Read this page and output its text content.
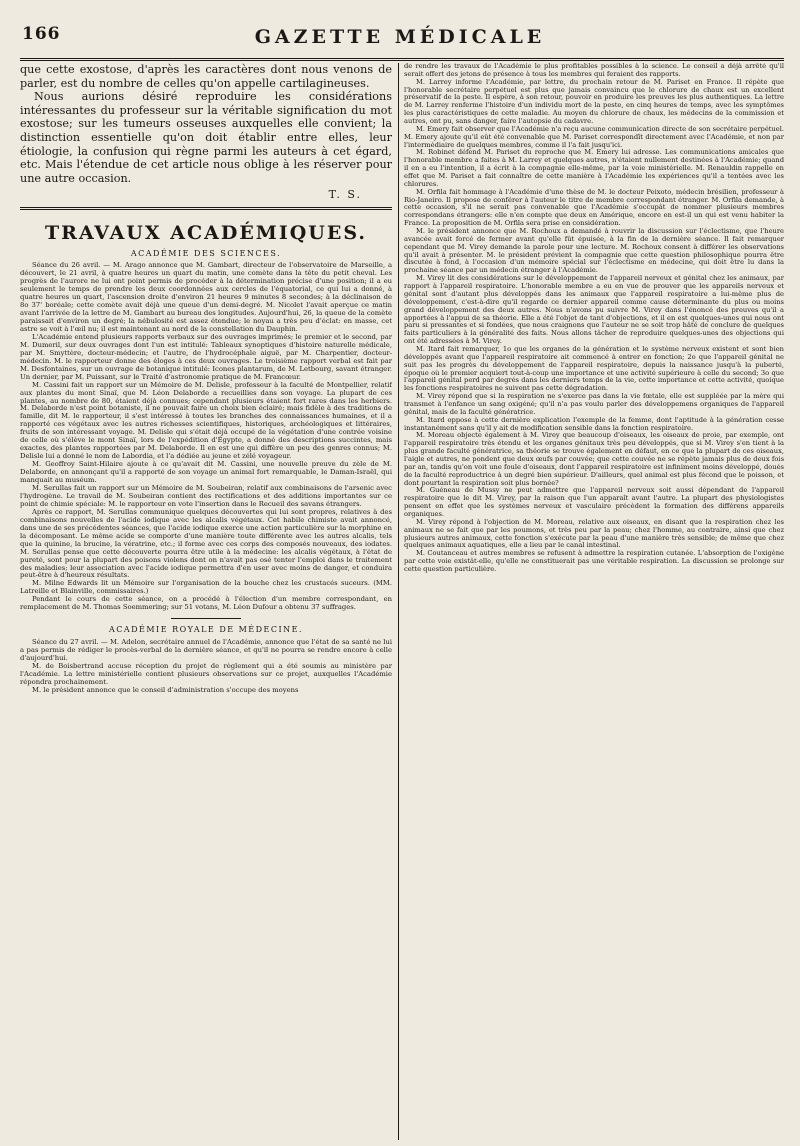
166	GAZETTE MÉDICALE

que cette exostose, d'après les caractères dont nous venons de parler, est du nombre de celles qu'on appelle cartilagineuses.

Nous aurions désiré reproduire les considérations intéressantes du professeur sur la véritable signification du mot exostose; sur les tumeurs osseuses auxquelles elle convient; la distinction essentielle qu'on doit établir entre elles, leur étiologie, la confusion qui règne parmi les auteurs à cet égard, etc. Mais l'étendue de cet article nous oblige à les réserver pour une autre occasion.

T. S.
TRAVAUX ACADÉMIQUES.
ACADÉMIE DES SCIENCES.

Séance du 26 avril. — M. Arago annonce que M. Gambart, directeur de l'observatoire de Marseille, a découvert, le 21 avril, à quatre heures un quart du matin, une comète dans la tête du petit cheval. Les progrès de l'aurore ne lui ont point permis de procéder à la détermination précise d'une position; il a eu seulement le temps de prendre les deux coordonnées aux cercles de l'équatorial, ce qui lui a donné, à quatre heures un quart, l'ascension droite d'environ 21 heures 9 minutes 8 secondes; à la déclinaison de 8o 37' boréale; cette comète avait déjà une queue d'un demi-degré. M. Nicolet l'avait aperçue ce matin avant l'arrivée de la lettre de M. Gambart au bureau des longitudes. Aujourd'hui, 26, la queue de la comète paraissait d'environ un degré; la nébulosité est assez étendue; le noyau a très peu d'éclat: en masse, cet astre se voit à l'œil nu; il est maintenant au nord de la constellation du Dauphin.

L'Académie entend plusieurs rapports verbaux sur des ouvrages imprimés; le premier et le second, par M. Dumeril, sur deux ouvrages dont l'un est intitulé: Tableaux synoptiques d'histoire naturelle médicale, par M. Smyttère, docteur-médecin; et l'autre, de l'hydrocéphale aiguë, par M. Charpentier, docteur-médecin. M. le rapporteur donne des éloges à ces deux ouvrages. Le troisième rapport verbal est fait par M. Desfontaines, sur un ouvrage de botanique intitulé: Icones plantarum, de M. Letbourg, savant étranger. Un dernier, par M. Puissant, sur le Traité d'astronomie pratique de M. Francœur.

M. Cassini fait un rapport sur un Mémoire de M. Delisle, professeur à la faculté de Montpellier, relatif aux plantes du mont Sinaï, que M. Léon Delaborde a recueillies dans son voyage. La plupart de ces plantes, au nombre de 80, étaient déjà connues; cependant plusieurs étaient fort rares dans les herbiers. M. Delaborde n'est point botaniste, il ne pouvait faire un choix bien éclairé; mais fidèle à des traditions de famille, dit M. le rapporteur, il s'est intéressé à toutes les branches des connaissances humaines, et il a rapporté ces végétaux avec les autres richesses scientifiques, historiques, archéologiques et littéraires, fruits de son intéressant voyage. M. Delisle qui s'était déjà occupé de la végétation d'une contrée voisine de celle où s'élève le mont Sinaï, lors de l'expédition d'Égypte, a donné des descriptions succintes, mais exactes, des plantes rapportées par M. Delaborde. Il en est une qui diffère un peu des genres connus; M. Delisle lui a donné le nom de Labordia, et l'a dédiée au jeune et zélé voyageur.

M. Geoffroy Saint-Hilaire ajoute à ce qu'avait dit M. Cassini, une nouvelle preuve du zèle de M. Delaborde, en annonçant qu'il a rapporté de son voyage un animal fort remarquable, le Daman-Israël, qui manquait au muséum.

M. Serullas fait un rapport sur un Mémoire de M. Soubeiran, relatif aux combinaisons de l'arsenic avec l'hydrogène. Le travail de M. Soubeiran contient des rectifications et des additions importantes sur ce point de chimie spéciale: M. le rapporteur en vote l'insertion dans le Recueil des savans étrangers.

Après ce rapport, M. Serullas communique quelques découvertes qui lui sont propres, relatives à des combinaisons nouvelles de l'acide iodique avec les alcalis végétaux. Cet habile chimiste avait annoncé, dans une de ses précédentes séances, que l'acide iodique exerce une action particulière sur la morphine en la décomposant. Le même acide se comporte d'une manière toute différente avec les autres alcalis, tels que la quinine, la brucine, la vératrine, etc.; il forme avec ces corps des composés nouveaux, des iodates. M. Serullas pense que cette découverte pourra être utile à la médecine: les alcalis végétaux, à l'état de pureté, sont pour la plupart des poisons violens dont on n'avait pas osé tenter l'emploi dans le traitement des maladies; leur association avec l'acide iodique permettra d'en user avec moins de danger, et conduira peut-être à d'heureux résultats.

M. Milne Edwards lit un Mémoire sur l'organisation de la bouche chez les crustacés suceurs. (MM. Latreille et Blainville, commissaires.)

Pendant le cours de cette séance, on a procédé à l'élection d'un membre correspondant, en remplacement de M. Thomas Soemmering; sur 51 votans, M. Léon Dufour a obtenu 37 suffrages.

ACADÉMIE ROYALE DE MÉDECINE.

Séance du 27 avril. — M. Adelon, secrétaire annuel de l'Académie, annonce que l'état de sa santé ne lui a pas permis de rédiger le procès-verbal de la dernière séance, et qu'il ne pourra se rendre encore à celle d'aujourd'hui.

M. de Boisbertrand accuse réception du projet de règlement qui a été soumis au ministère par l'Académie. La lettre ministérielle contient plusieurs observations sur ce projet, auxquelles l'Académie répondra prochainement.

M. le président annonce que le conseil d'administration s'occupe des moyens

de rendre les travaux de l'Académie le plus profitables possibles à la science. Le conseil a déjà arrêté qu'il serait offert des jetons de présence à tous les membres qui feraient des rapports.

M. Larrey informe l'Académie, par lettre, du prochain retour de M. Pariset en France. Il répète que l'honorable secrétaire perpétuel est plus que jamais convaincu que le chlorure de chaux est un excellent préservatif de la peste. Il espère, à son retour, pouvoir en produire les preuves les plus authentiques. La lettre de M. Larrey renferme l'histoire d'un individu mort de la peste, en cinq heures de temps, avec les symptômes les plus caractéristiques de cette maladie. Au moyen du chlorure de chaux, les médecins de la commission et autres, ont pu, sans danger, faire l'autopsie du cadavre.

M. Emery fait observer que l'Académie n'a reçu aucune communication directe de son secrétaire perpétuel. M. Emery ajoute qu'il eût été convenable que M. Pariset correspondît directement avec l'Académie, et non par l'intermédiaire de quelques membres, comme il l'a fait jusqu'ici.

M. Robinet défend M. Pariset du reproche que M. Emery lui adresse. Les communications amicales que l'honorable membre a faites à M. Larrey et quelques autres, n'étaient nullement destinées à l'Académie; quand il en a eu l'intention, il a écrit à la compagnie elle-même, par la voie ministérielle. M. Renauldin rappelle en effet que M. Pariset a fait connaître de cette manière à l'Académie les expériences qu'il a tentées avec les chlorures.

M. Orfila fait hommage à l'Académie d'une thèse de M. le docteur Peixoto, médecin brésilien, professeur à Rio-Janeiro. Il propose de conférer à l'auteur le titre de membre correspondant étranger. M. Orfila demande, à cette occasion, s'il ne serait pas convenable que l'Académie s'occupât de nommer plusieurs membres correspondans étrangers: elle n'en compte que deux en Amérique, encore en est-il un qui est venu habiter la France. La proposition de M. Orfila sera prise en considération.

M. le président annonce que M. Rochoux a demandé à rouvrir la discussion sur l'éclectisme, que l'heure avancée avait forcé de fermer avant qu'elle fût épuisée, à la fin de la dernière séance. Il fait remarquer cependant que M. Virey demande la parole pour une lecture. M. Rochoux consent à différer les observations qu'il avait à présenter. M. le président prévient la compagnie que cette question philosophique pourra être discutée à fond, à l'occasion d'un mémoire spécial sur l'éclectisme en médecine, qui doit être lu dans la prochaine séance par un médecin étranger à l'Académie.

M. Virey lit des considérations sur le développement de l'appareil nerveux et génital chez les animaux, par rapport à l'appareil respiratoire. L'honorable membre a eu en vue de prouver que les appareils nerveux et génital sont d'autant plus développés dans les animaux que l'appareil respiratoire a lui-même plus de développement, c'est-à-dire qu'il regarde ce dernier appareil comme cause déterminante du plus ou moins grand développement des deux autres. Nous n'avons pu suivre M. Virey dans l'énoncé des preuves qu'il a apportées à l'appui de sa théorie. Elle a été l'objet de tant d'objections, et il en est quelques-unes qui nous ont paru si pressantes et si fondées, que nous craignons que l'auteur ne se soit trop hâté de conclure de quelques faits particuliers à la généralité des faits. Nous allons tâcher de reproduire quelques-unes des objections qui ont été adressées à M. Virey.

M. Itard fait remarquer, 1o que les organes de la génération et le système nerveux existent et sont bien développés avant que l'appareil respiratoire ait commencé à entrer en fonction; 2o que l'appareil génital ne suit pas les progrès du développement de l'appareil respiratoire, depuis la naissance jusqu'à la puberté, époque où le premier acquiert tout-à-coup une importance et une activité supérieure à celle du second; 3o que l'appareil génital perd par degrés dans les derniers temps de la vie, cette importance et cette activité, quoique les fonctions respiratoires ne suivent pas cette dégradation.

M. Virey répond que si la respiration ne s'exerce pas dans la vie fœtale, elle est suppléée par la mère qui transmet à l'enfance un sang oxigéné; qu'il n'a pas voulu parler des développemens organiques de l'appareil génital, mais de la faculté génératrice.

M. Itard oppose à cette dernière explication l'exemple de la femme, dont l'aptitude à la génération cesse instantanément sans qu'il y ait de modification sensible dans la fonction respiratoire.

M. Moreau objecte également à M. Virey que beaucoup d'oiseaux, les oiseaux de proie, par exemple, ont l'appareil respiratoire très étendu et les organes génitaux très peu développés, que si M. Virey s'en tient à la plus grande faculté génératrice, sa théorie se trouve également en défaut, en ce que la plupart de ces oiseaux, l'aigle et autres, ne pondent que deux œufs par couvée; que cette couvée ne se répète jamais plus de deux fois par an, tandis qu'on voit une foule d'oiseaux, dont l'appareil respiratoire est infiniment moins développé, doués de la faculté reproductrice à un degré bien supérieur. D'ailleurs, quel animal est plus fécond que le poisson, et dont pourtant la respiration soit plus bornée?

M. Guéneau de Mussy ne peut admettre que l'appareil nerveux soit aussi dépendant de l'appareil respiratoire que le dit M. Virey, par la raison que l'un apparaît avant l'autre. La plupart des physiologistes pensent en effet que les systèmes nerveux et vasculaire précèdent la formation des différens appareils organiques.

M. Virey répond à l'objection de M. Moreau, relative aux oiseaux, en disant que la respiration chez les animaux ne se fait que par les poumons, et très peu par la peau; chez l'homme, au contraire, ainsi que chez plusieurs autres animaux, cette fonction s'exécute par la peau d'une manière très sensible; de même que chez quelques animaux aquatiques, elle a lieu par le canal intestinal.

M. Coutanceau et autres membres se refusent à admettre la respiration cutanée. L'absorption de l'oxigène par cette voie existât-elle, qu'elle ne constituerait pas une véritable respiration. La discussion se prolonge sur cette question particulière.
